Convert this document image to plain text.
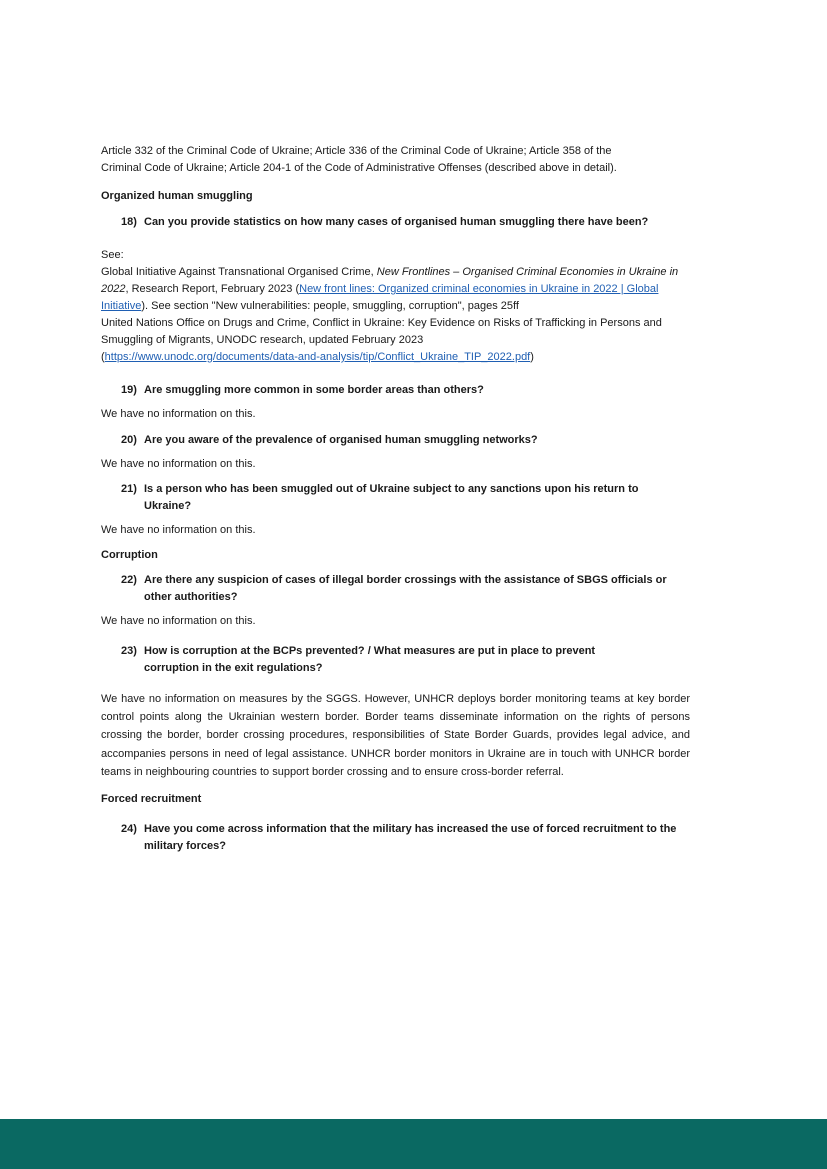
Article 332 of the Criminal Code of Ukraine; Article 336 of the Criminal Code of Ukraine; Article 358 of the

Criminal Code of Ukraine; Article 204-1 of the Code of Administrative Offenses (described above in detail).

Organized human smuggling

18) Can you provide statistics on how many cases of organised human smuggling there have been?

See:

Global Initiative Against Transnational Organised Crime, New Frontlines – Organised Criminal Economies in Ukraine in 2022, Research Report, February 2023 (New front lines: Organized criminal economies in Ukraine in 2022 | Global Initiative). See section "New vulnerabilities: people, smuggling, corruption", pages 25ff

United Nations Office on Drugs and Crime, Conflict in Ukraine: Key Evidence on Risks of Trafficking in Persons and Smuggling of Migrants, UNODC research, updated February 2023
(https://www.unodc.org/documents/data-and-analysis/tip/Conflict_Ukraine_TIP_2022.pdf)

19) Are smuggling more common in some border areas than others?

We have no information on this.

20) Are you aware of the prevalence of organised human smuggling networks?

We have no information on this.

21) Is a person who has been smuggled out of Ukraine subject to any sanctions upon his return to Ukraine?

We have no information on this.

Corruption

22) Are there any suspicion of cases of illegal border crossings with the assistance of SBGS officials or other authorities?

We have no information on this.

23) How is corruption at the BCPs prevented? / What measures are put in place to prevent corruption in the exit regulations?

We have no information on measures by the SGGS. However, UNHCR deploys border monitoring teams at key border control points along the Ukrainian western border. Border teams disseminate information on the rights of persons crossing the border, border crossing procedures, responsibilities of State Border Guards, provides legal advice, and accompanies persons in need of legal assistance. UNHCR border monitors in Ukraine are in touch with UNHCR border teams in neighbouring countries to support border crossing and to ensure cross-border referral.

Forced recruitment

24) Have you come across information that the military has increased the use of forced recruitment to the military forces?
